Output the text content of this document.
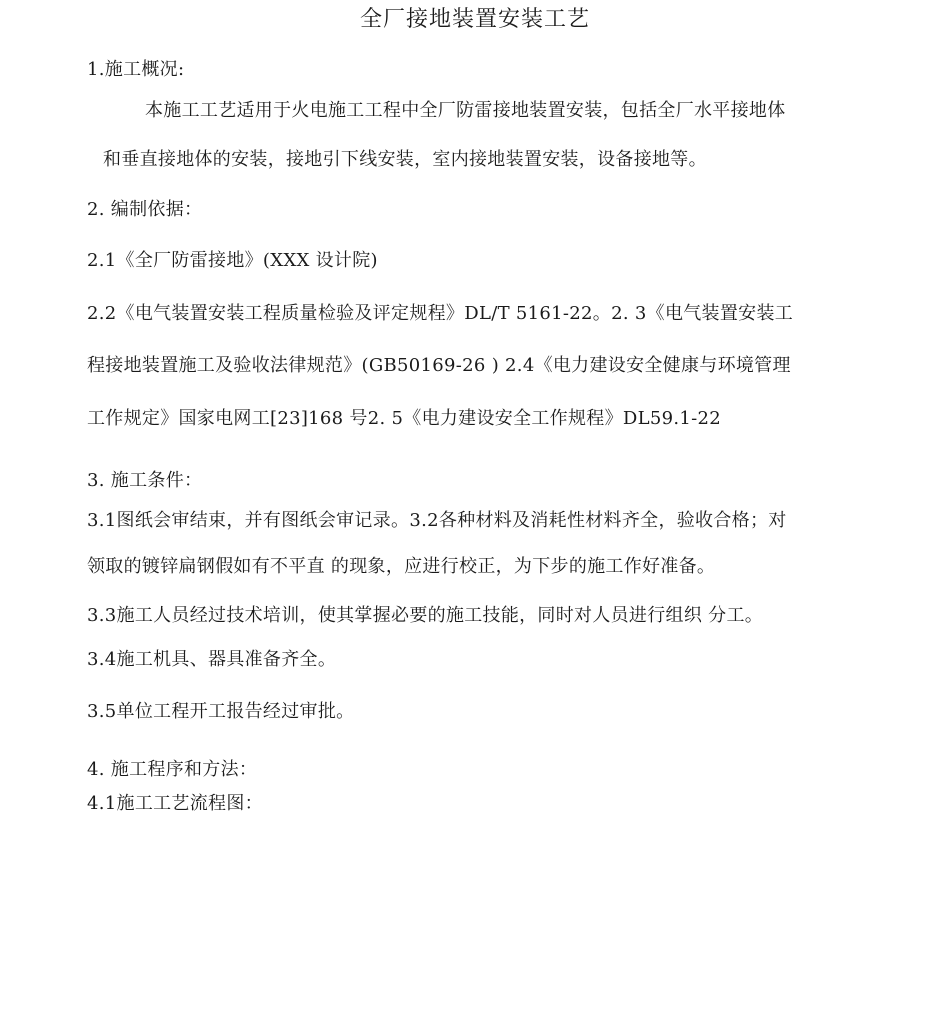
全厂接地装置安装工艺
1.施工概况:
本施工工艺适用于火电施工工程中全厂防雷接地装置安装，包括全厂水平接地体
和垂直接地体的安装，接地引下线安装，室内接地装置安装，设备接地等。
2. 编制依据：
2.1《全厂防雷接地》(XXX 设计院)
2.2《电气装置安装工程质量检验及评定规程》DL/T 5161-22。2. 3《电气装置安装工
程接地装置施工及验收法律规范》(GB50169-26 ) 2.4《电力建设安全健康与环境管理
工作规定》国家电网工[23]168 号2. 5《电力建设安全工作规程》DL59.1-22
3. 施工条件：
3.1图纸会审结束，并有图纸会审记录。3.2各种材料及消耗性材料齐全，验收合格；对
领取的镀锌扁钢假如有不平直 的现象，应进行校正，为下步的施工作好准备。
3.3施工人员经过技术培训，使其掌握必要的施工技能，同时对人员进行组织 分工。
3.4施工机具、器具准备齐全。
3.5单位工程开工报告经过审批。
4. 施工程序和方法：
4.1施工工艺流程图：
